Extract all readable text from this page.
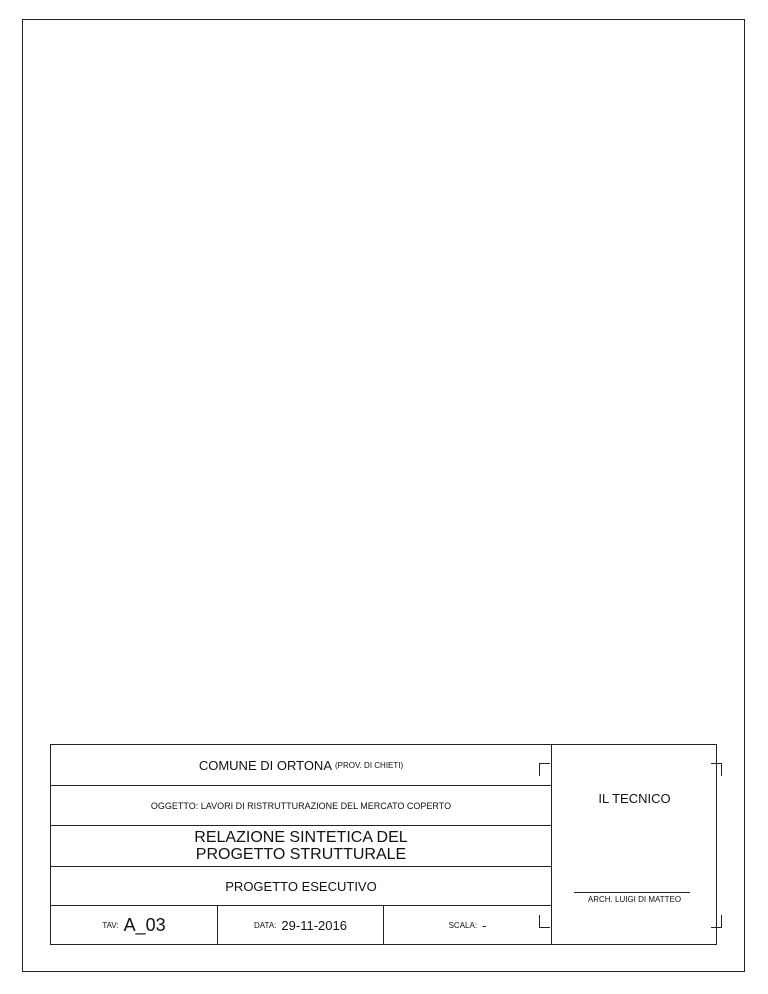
COMUNE DI ORTONA (PROV. DI CHIETI)
OGGETTO: LAVORI DI RISTRUTTURAZIONE DEL MERCATO COPERTO
RELAZIONE SINTETICA DEL
PROGETTO STRUTTURALE
PROGETTO ESECUTIVO
TAV: A_03	DATA: 29-11-2016	SCALA: -
IL TECNICO
ARCH. LUIGI DI MATTEO
